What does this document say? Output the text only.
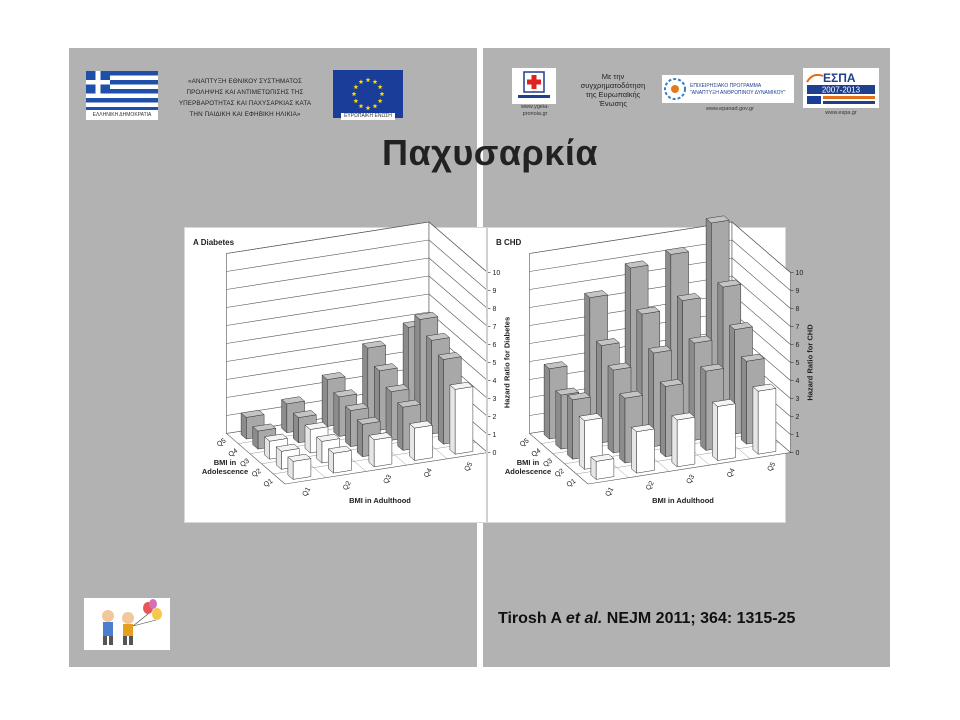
ΕΛΛΗΝΙΚΗ ΔΗΜΟΚΡΑΤΙΑ
«ΑΝΑΠΤΥΞΗ ΕΘΝΙΚΟΥ ΣΥΣΤΗΜΑΤΟΣ
ΠΡΟΛΗΨΗΣ ΚΑΙ ΑΝΤΙΜΕΤΩΠΙΣΗΣ ΤΗΣ
ΥΠΕΡΒΑΡΟΤΗΤΑΣ ΚΑΙ ΠΑΧΥΣΑΡΚΙΑΣ ΚΑΤΑ
ΤΗΝ ΠΑΙΔΙΚΗ ΚΑΙ ΕΦΗΒΙΚΗ ΗΛΙΚΙΑ»	ΕΥΡΩΠΑΪΚΗ ΕΝΩΣΗ
www.ygeia-
pronoia.gr
Με την
συγχρηματοδότηση
της Ευρωπαϊκής
Ένωσης
ΕΠΙΧΕΙΡΗΣΙΑΚΟ ΠΡΟΓΡΑΜΜΑ
"ΑΝΑΠΤΥΞΗ ΑΝΘΡΩΠΙΝΟΥ ΔΥΝΑΜΙΚΟΥ"
www.epanad.gov.gr
ΕΣΠΑ
2007-2013
www.espa.gr
Παχυσαρκία
A Diabetes
0
1
2
3
4
5
6
7
8
9
10
Hazard Ratio for Diabetes
Q1
Q2
Q3
Q4
Q5
BMI in Adulthood
Q1
Q2
Q3
Q4
Q5
BMI in
Adolescence
B CHD
0
1
2
3
4
5
6
7
8
9
10
Hazard Ratio for CHD
Q1
Q2
Q3
Q4
Q5
BMI in Adulthood
Q1
Q2
Q3
Q4
Q5
BMI in
Adolescence
Tirosh A et al. NEJM 2011; 364: 1315-25
